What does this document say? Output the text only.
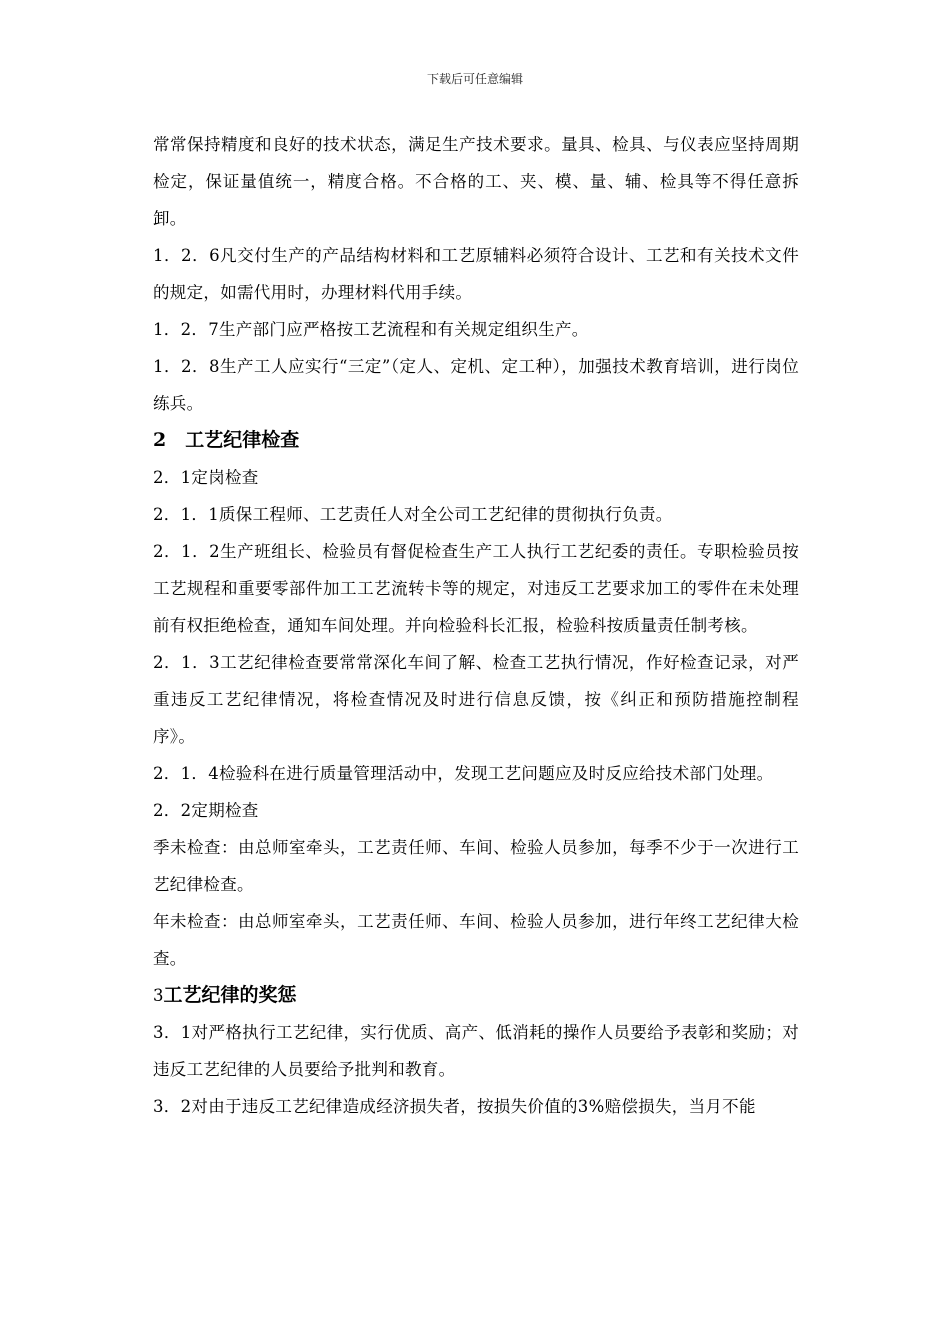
下载后可任意编辑

常常保持精度和良好的技术状态，满足生产技术要求。量具、检具、与仪表应坚持周期检定，保证量值统一，精度合格。不合格的工、夹、模、量、辅、检具等不得任意拆卸。

1．2．6凡交付生产的产品结构材料和工艺原辅料必须符合设计、工艺和有关技术文件的规定，如需代用时，办理材料代用手续。

1．2．7生产部门应严格按工艺流程和有关规定组织生产。

1．2．8生产工人应实行“三定”（定人、定机、定工种），加强技术教育培训，进行岗位练兵。

2　工艺纪律检查

2．1定岗检查

2．1．1质保工程师、工艺责任人对全公司工艺纪律的贯彻执行负责。

2．1．2生产班组长、检验员有督促检查生产工人执行工艺纪委的责任。专职检验员按工艺规程和重要零部件加工工艺流转卡等的规定，对违反工艺要求加工的零件在未处理前有权拒绝检查，通知车间处理。并向检验科长汇报，检验科按质量责任制考核。

2．1．3工艺纪律检查要常常深化车间了解、检查工艺执行情况，作好检查记录，对严重违反工艺纪律情况，将检查情况及时进行信息反馈，按《纠正和预防措施控制程序》。

2．1．4检验科在进行质量管理活动中，发现工艺问题应及时反应给技术部门处理。

2．2定期检查

季未检查：由总师室牵头，工艺责任师、车间、检验人员参加，每季不少于一次进行工艺纪律检查。

年未检查：由总师室牵头，工艺责任师、车间、检验人员参加，进行年终工艺纪律大检查。

3工艺纪律的奖惩

3．1对严格执行工艺纪律，实行优质、高产、低消耗的操作人员要给予表彰和奖励；对违反工艺纪律的人员要给予批判和教育。

3．2对由于违反工艺纪律造成经济损失者，按损失价值的3%赔偿损失，当月不能
